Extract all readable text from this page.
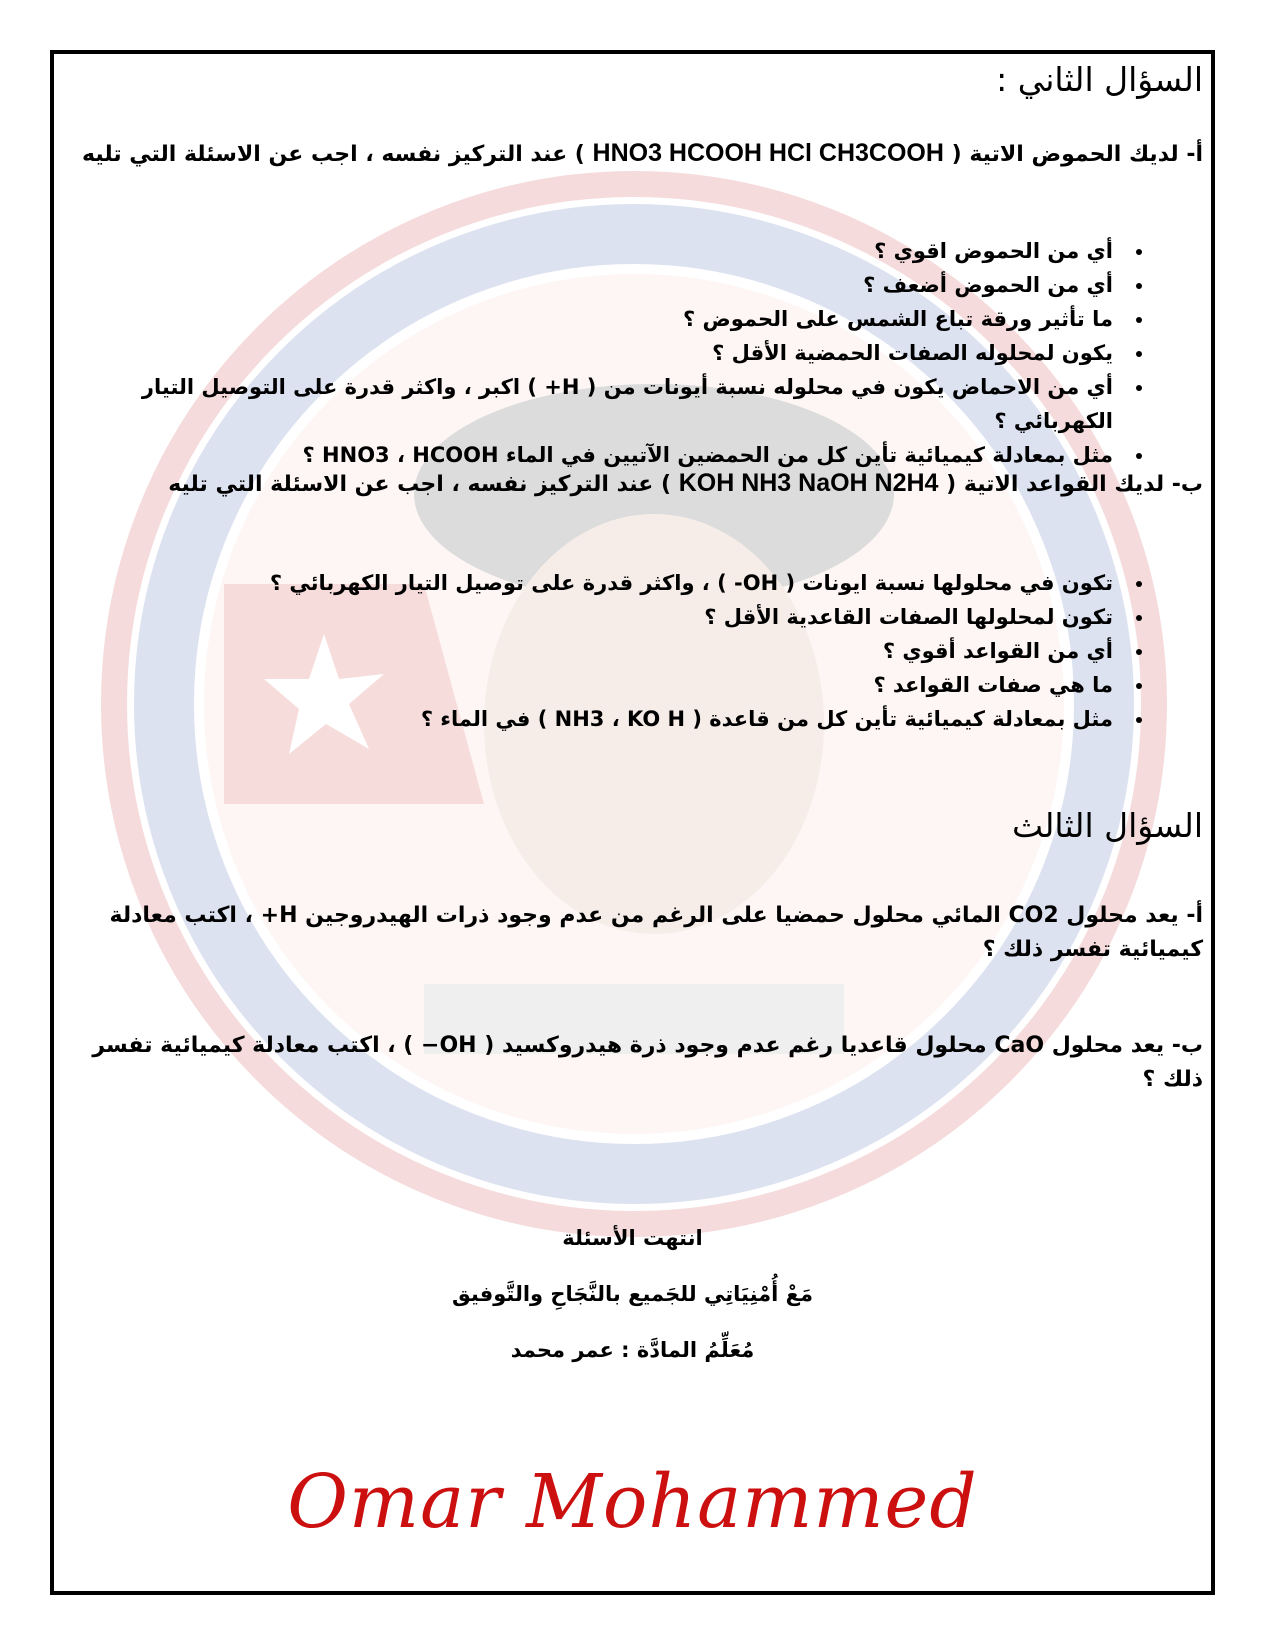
السؤال الثاني :
أ- لديك الحموض الاتية ( HNO3 HCOOH HCl CH3COOH ) عند التركيز نفسه ، اجب عن الاسئلة التي تليه
• أي من الحموض اقوي ؟
• أي من الحموض أضعف ؟
• ما تأثير ورقة تباع الشمس على الحموض ؟
• يكون لمحلوله الصفات الحمضية الأقل ؟
• أي من الاحماض يكون في محلوله نسبة أيونات من ( H+ ) اكبر ، واكثر قدرة على التوصيل التيار الكهربائي ؟
• مثل بمعادلة كيميائية تأين كل من الحمضين الآتيين في الماء HNO3 ، HCOOH ؟
ب- لديك القواعد الاتية ( KOH NH3 NaOH N2H4 ) عند التركيز نفسه ، اجب عن الاسئلة التي تليه
• تكون في محلولها نسبة ايونات ( OH- ) ، واكثر قدرة على توصيل التيار الكهربائي ؟
• تكون لمحلولها الصفات القاعدية الأقل ؟
• أي من القواعد أقوي ؟
• ما هي صفات القواعد ؟
• مثل بمعادلة كيميائية تأين كل من قاعدة ( NH3 ، KO H ) في الماء ؟
السؤال الثالث
أ- يعد محلول CO2 المائي محلول حمضيا على الرغم من عدم وجود ذرات الهيدروجين H+ ، اكتب معادلة كيميائية تفسر ذلك ؟
ب- يعد محلول CaO محلول قاعديا رغم عدم وجود ذرة هيدروكسيد ( OH− ) ، اكتب معادلة كيميائية تفسر ذلك ؟
انتهت الأسئلة
مَعْ أُمْنِيَاتِي للجَميع بالنَّجَاحِ والتَّوفيق
مُعَلِّمُ المادَّة : عمر محمد
Omar Mohammed
